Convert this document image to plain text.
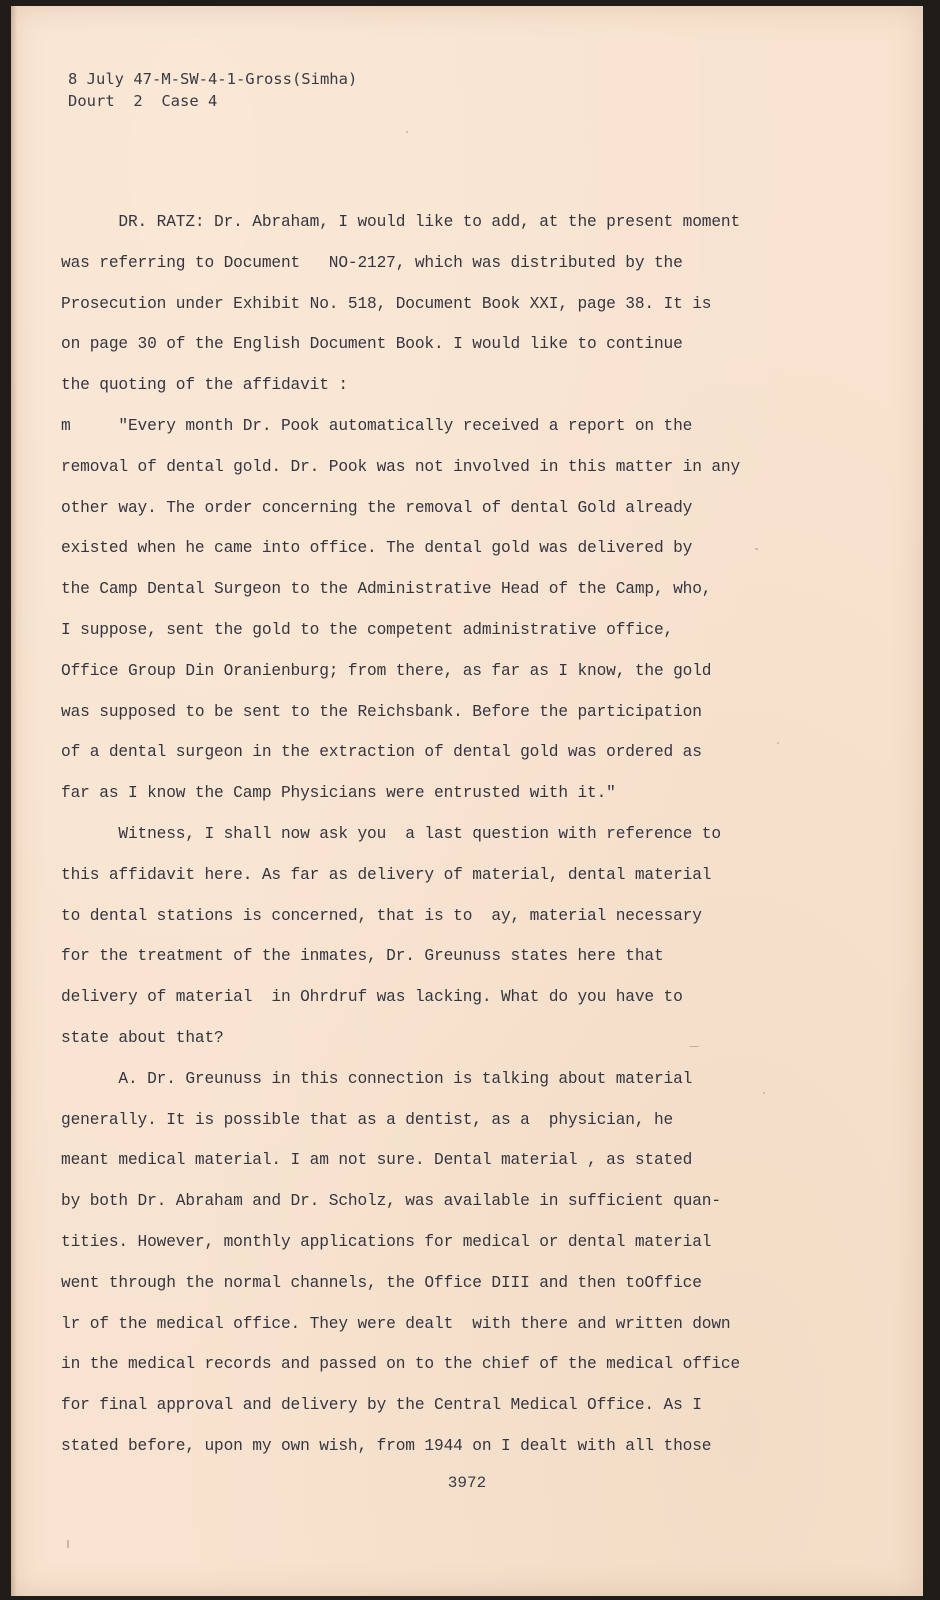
8 July 47-M-SW-4-1-Gross(Simha)
Dourt  2  Case 4
DR. RATZ: Dr. Abraham, I would like to add, at the present moment
was referring to Document   NO-2127, which was distributed by the
Prosecution under Exhibit No. 518, Document Book XXI, page 38. It is
on page 30 of the English Document Book. I would like to continue
the quoting of the affidavit :
m     "Every month Dr. Pook automatically received a report on the
removal of dental gold. Dr. Pook was not involved in this matter in any
other way. The order concerning the removal of dental Gold already
existed when he came into office. The dental gold was delivered by
the Camp Dental Surgeon to the Administrative Head of the Camp, who,
I suppose, sent the gold to the competent administrative office,
Office Group Din Oranienburg; from there, as far as I know, the gold
was supposed to be sent to the Reichsbank. Before the participation
of a dental surgeon in the extraction of dental gold was ordered as
far as I know the Camp Physicians were entrusted with it."
Witness, I shall now ask you  a last question with reference to
this affidavit here. As far as delivery of material, dental material
to dental stations is concerned, that is to  ay, material necessary
for the treatment of the inmates, Dr. Greunuss states here that
delivery of material  in Ohrdruf was lacking. What do you have to
state about that?
A. Dr. Greunuss in this connection is talking about material
generally. It is possible that as a dentist, as a  physician, he
meant medical material. I am not sure. Dental material , as stated
by both Dr. Abraham and Dr. Scholz, was available in sufficient quan-
tities. However, monthly applications for medical or dental material
went through the normal channels, the Office DIII and then toOffice
lr of the medical office. They were dealt  with there and written down
in the medical records and passed on to the chief of the medical office
for final approval and delivery by the Central Medical Office. As I
stated before, upon my own wish, from 1944 on I dealt with all those
3972
